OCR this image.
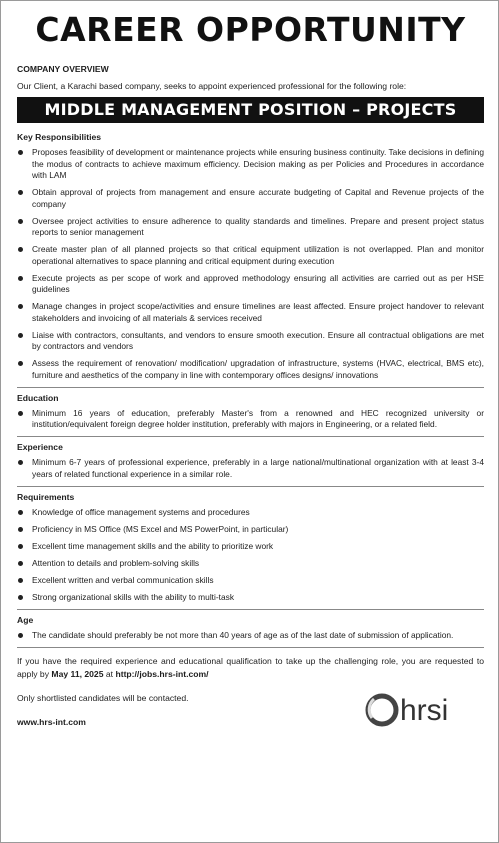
CAREER OPPORTUNITY
COMPANY OVERVIEW
Our Client, a Karachi based company, seeks to appoint experienced professional for the following role:
MIDDLE MANAGEMENT POSITION – PROJECTS
Key Responsibilities
Proposes feasibility of development or maintenance projects while ensuring business continuity. Take decisions in defining the modus of contracts to achieve maximum efficiency. Decision making as per Policies and Procedures in accordance with LAM
Obtain approval of projects from management and ensure accurate budgeting of Capital and Revenue projects of the company
Oversee project activities to ensure adherence to quality standards and timelines. Prepare and present project status reports to senior management
Create master plan of all planned projects so that critical equipment utilization is not overlapped. Plan and monitor operational alternatives to space planning and critical equipment during execution
Execute projects as per scope of work and approved methodology ensuring all activities are carried out as per HSE guidelines
Manage changes in project scope/activities and ensure timelines are least affected. Ensure project handover to relevant stakeholders and invoicing of all materials & services received
Liaise with contractors, consultants, and vendors to ensure smooth execution. Ensure all contractual obligations are met by contractors and vendors
Assess the requirement of renovation/ modification/ upgradation of infrastructure, systems (HVAC, electrical, BMS etc), furniture and aesthetics of the company in line with contemporary offices designs/ innovations
Education
Minimum 16 years of education, preferably Master's from a renowned and HEC recognized university or institution/equivalent foreign degree holder institution, preferably with majors in Engineering, or a related field.
Experience
Minimum 6-7 years of professional experience, preferably in a large national/multinational organization with at least 3-4 years of related functional experience in a similar role.
Requirements
Knowledge of office management systems and procedures
Proficiency in MS Office (MS Excel and MS PowerPoint, in particular)
Excellent time management skills and the ability to prioritize work
Attention to details and problem-solving skills
Excellent written and verbal communication skills
Strong organizational skills with the ability to multi-task
Age
The candidate should preferably be not more than 40 years of age as of the last date of submission of application.
If you have the required experience and educational qualification to take up the challenging role, you are requested to apply by May 11, 2025 at http://jobs.hrs-int.com/
Only shortlisted candidates will be contacted.
www.hrs-int.com	hrsi
